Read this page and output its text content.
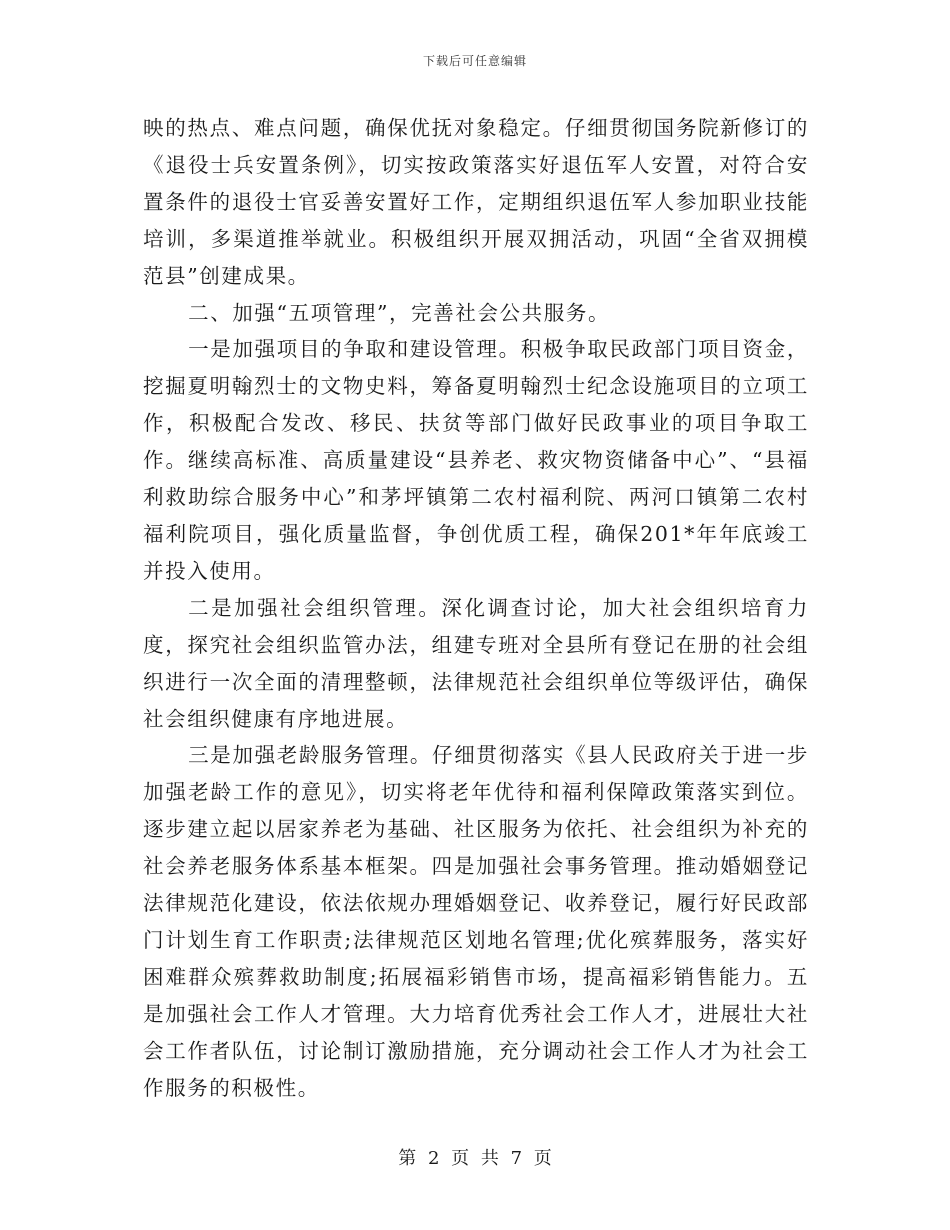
下载后可任意编辑

映的热点、难点问题，确保优抚对象稳定。仔细贯彻国务院新修订的《退役士兵安置条例》，切实按政策落实好退伍军人安置，对符合安置条件的退役士官妥善安置好工作，定期组织退伍军人参加职业技能培训，多渠道推举就业。积极组织开展双拥活动，巩固“全省双拥模范县”创建成果。

二、加强“五项管理”，完善社会公共服务。

一是加强项目的争取和建设管理。积极争取民政部门项目资金，挖掘夏明翰烈士的文物史料，筹备夏明翰烈士纪念设施项目的立项工作，积极配合发改、移民、扶贫等部门做好民政事业的项目争取工作。继续高标准、高质量建设“县养老、救灾物资储备中心”、“县福利救助综合服务中心”和茅坪镇第二农村福利院、两河口镇第二农村福利院项目，强化质量监督，争创优质工程，确保201*年年底竣工并投入使用。

二是加强社会组织管理。深化调查讨论，加大社会组织培育力度，探究社会组织监管办法，组建专班对全县所有登记在册的社会组织进行一次全面的清理整顿，法律规范社会组织单位等级评估，确保社会组织健康有序地进展。

三是加强老龄服务管理。仔细贯彻落实《县人民政府关于进一步加强老龄工作的意见》，切实将老年优待和福利保障政策落实到位。逐步建立起以居家养老为基础、社区服务为依托、社会组织为补充的社会养老服务体系基本框架。四是加强社会事务管理。推动婚姻登记法律规范化建设，依法依规办理婚姻登记、收养登记，履行好民政部门计划生育工作职责;法律规范区划地名管理;优化殡葬服务，落实好困难群众殡葬救助制度;拓展福彩销售市场，提高福彩销售能力。五是加强社会工作人才管理。大力培育优秀社会工作人才，进展壮大社会工作者队伍，讨论制订激励措施，充分调动社会工作人才为社会工作服务的积极性。

第 2 页 共 7 页
